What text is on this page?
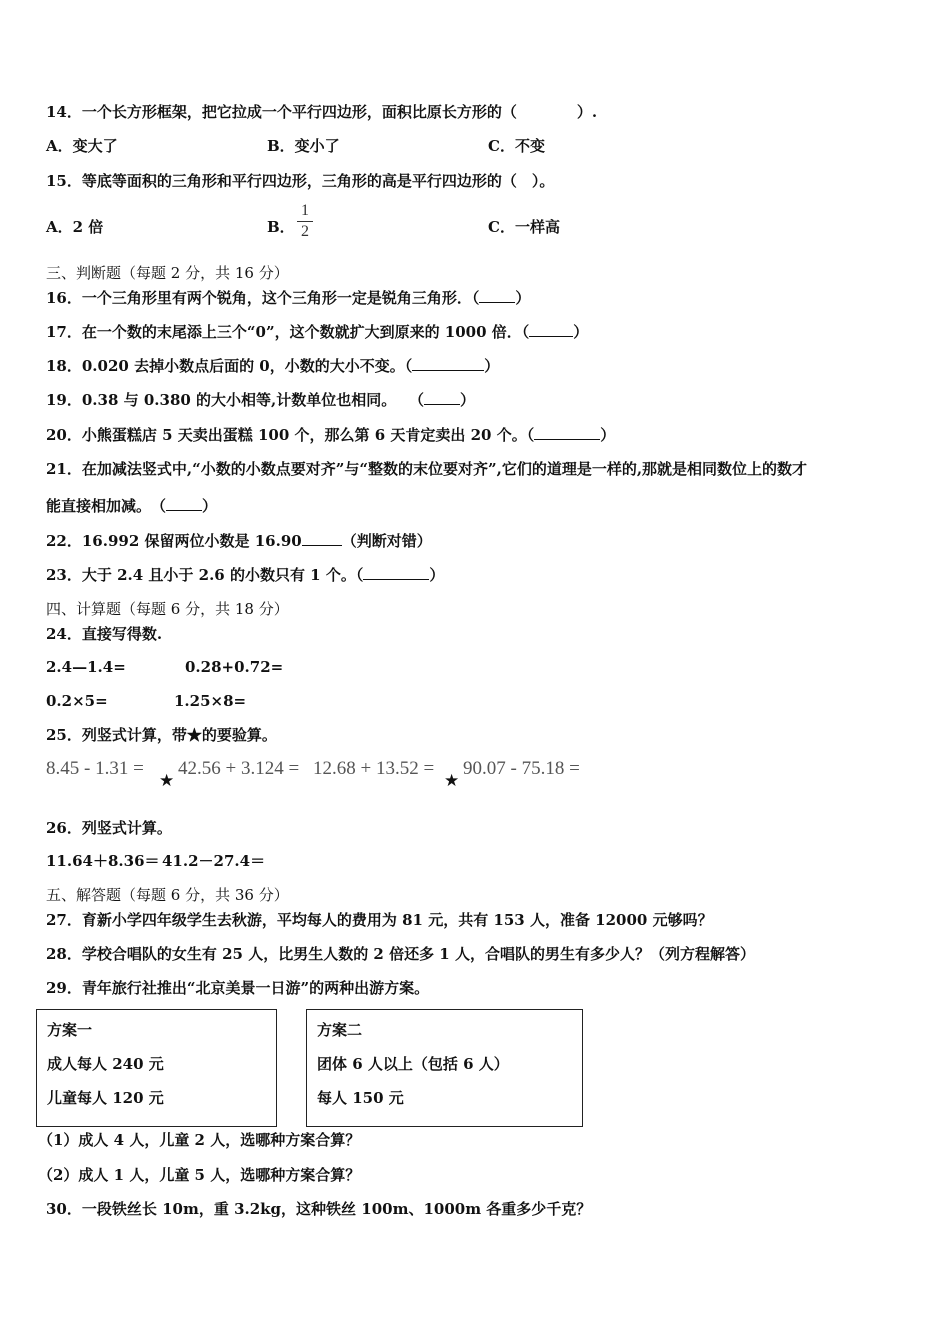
14．一个长方形框架，把它拉成一个平行四边形，面积比原长方形的（　　　　）.
A．变大了	B．变小了	C．不变
15．等底等面积的三角形和平行四边形，三角形的高是平行四边形的（　）。
A．2 倍	B．
1
2	C．一样高
三、判断题（每题 2 分，共 16 分）
16．一个三角形里有两个锐角，这个三角形一定是锐角三角形．（ ）
17．在一个数的末尾添上三个“0”，这个数就扩大到原来的 1000 倍．（	）
18．0.020 去掉小数点后面的 0，小数的大小不变。（	）
19．0.38 与 0.380 的大小相等,计数单位也相同。　 （ ）
20．小熊蛋糕店 5 天卖出蛋糕 100 个，那么第 6 天肯定卖出 20 个。（	）
21．在加减法竖式中,“小数的小数点要对齐”与“整数的末位要对齐”,它们的道理是一样的,那就是相同数位上的数才
能直接相加减。　（ ）
22．16.992 保留两位小数是 16.90	（判断对错）
23．大于 2.4 且小于 2.6 的小数只有 1 个。（	）
四、计算题（每题 6 分，共 18 分）
24．直接写得数.
2.4—1.4=	0.28+0.72=
0.2×5=	1.25×8=
25．列竖式计算，带★的要验算。
8.45 - 1.31 =
★
42.56 + 3.124 = 12.68 + 13.52 =
★
90.07 - 75.18 =
26．列竖式计算。
11.64＋8.36＝ 41.2－27.4＝
五、解答题（每题 6 分，共 36 分）
27．育新小学四年级学生去秋游，平均每人的费用为 81 元，共有 153 人，准备 12000 元够吗？
28．学校合唱队的女生有 25 人，比男生人数的 2 倍还多 1 人，合唱队的男生有多少人？（列方程解答）
29．青年旅行社推出“北京美景一日游”的两种出游方案。
方案一
成人每人 240 元
儿童每人 120 元
方案二
团体 6 人以上（包括 6 人）
每人 150 元
（1）成人 4 人，儿童 2 人，选哪种方案合算？
（2）成人 1 人，儿童 5 人，选哪种方案合算？
30．一段铁丝长 10m，重 3.2kg，这种铁丝 100m、1000m 各重多少千克？
